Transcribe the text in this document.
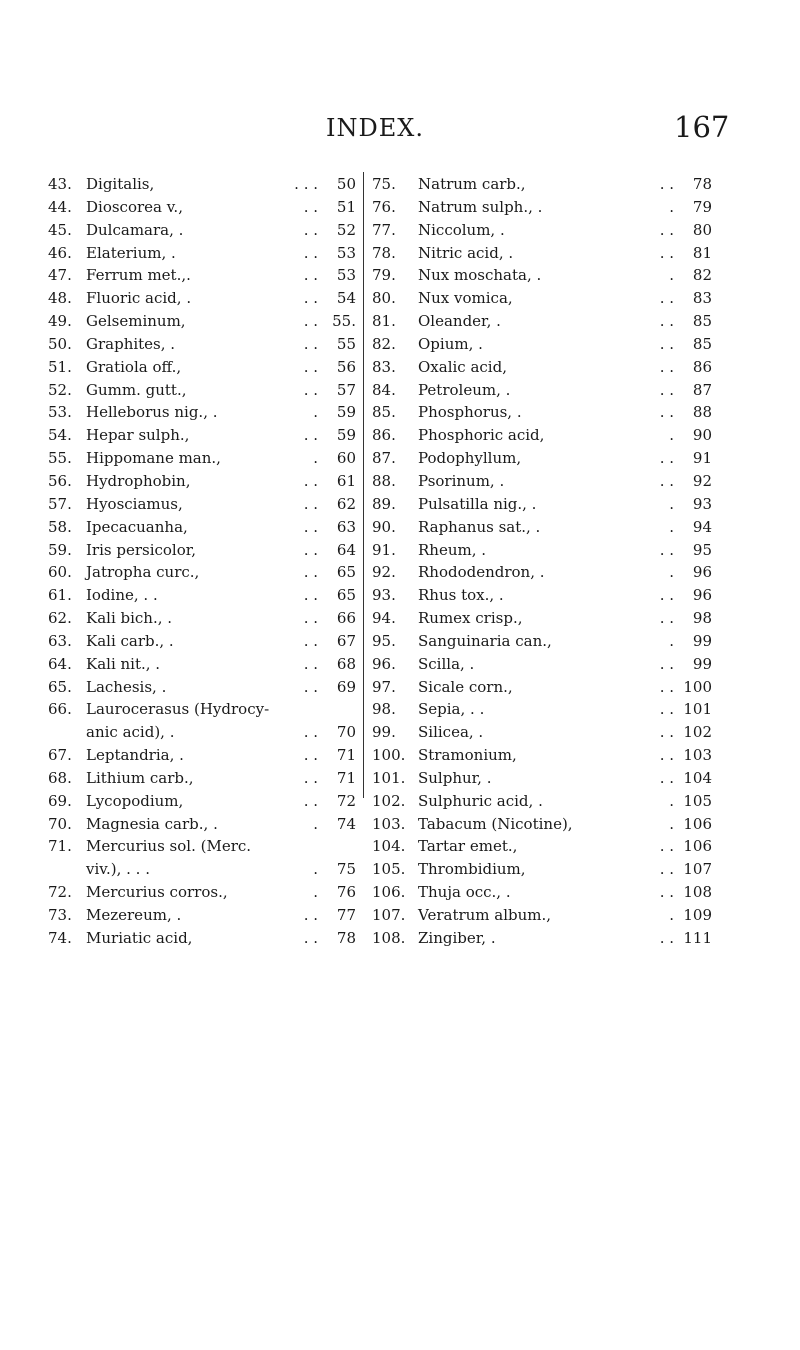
INDEX.	167
43. Digitalis,	. . . 50
44. Dioscorea v.,	. . 51
45. Dulcamara, .	. . 52
46. Elaterium, .	. . 53
47. Ferrum met.,.	. . 53
48. Fluoric acid, .	. . 54
49. Gelseminum,	. . 55.
50. Graphites, .	. . 55
51. Gratiola off.,	. . 56
52. Gumm. gutt.,	. . 57
53. Helleborus nig., .	. 59
54. Hepar sulph.,	. . 59
55. Hippomane man.,	. 60
56. Hydrophobin,	. . 61
57. Hyosciamus,	. . 62
58. Ipecacuanha,	. . 63
59. Iris persicolor,	. . 64
60. Jatropha curc.,	. . 65
61. Iodine, . .	. . 65
62. Kali bich., .	. . 66
63. Kali carb., .	. . 67
64. Kali nit., .	. . 68
65. Lachesis, .	. . 69
66. Laurocerasus (Hydrocy-
anic acid), .	. . 70
67. Leptandria, .	. . 71
68. Lithium carb.,	. . 71
69. Lycopodium,	. . 72
70. Magnesia carb., .	. 74
71. Mercurius sol. (Merc.
viv.), . . .	. 75
72. Mercurius corros.,	. 76
73. Mezereum, .	. . 77
74. Muriatic acid,	. . 78
75. Natrum carb.,	. . 78
76. Natrum sulph., .	. 79
77. Niccolum, .	. . 80
78. Nitric acid, .	. . 81
79. Nux moschata, .	. 82
80. Nux vomica,	. . 83
81. Oleander, .	. . 85
82. Opium, .	. . 85
83. Oxalic acid,	. . 86
84. Petroleum, .	. . 87
85. Phosphorus, .	. . 88
86. Phosphoric acid,	. 90
87. Podophyllum,	. . 91
88. Psorinum, .	. . 92
89. Pulsatilla nig., .	. 93
90. Raphanus sat., .	. 94
91. Rheum, .	. . 95
92. Rhododendron, .	. 96
93. Rhus tox., .	. . 96
94. Rumex crisp.,	. . 98
95. Sanguinaria can.,	. 99
96. Scilla, .	. . 99
97. Sicale corn.,	. . 100
98. Sepia, . .	. . 101
99. Silicea, .	. . 102
100. Stramonium,	. . 103
101. Sulphur, .	. . 104
102. Sulphuric acid, .	. 105
103. Tabacum (Nicotine),	. 106
104. Tartar emet.,	. . 106
105. Thrombidium,	. . 107
106. Thuja occ., .	. . 108
107. Veratrum album.,	. 109
108. Zingiber, .	. . 111
